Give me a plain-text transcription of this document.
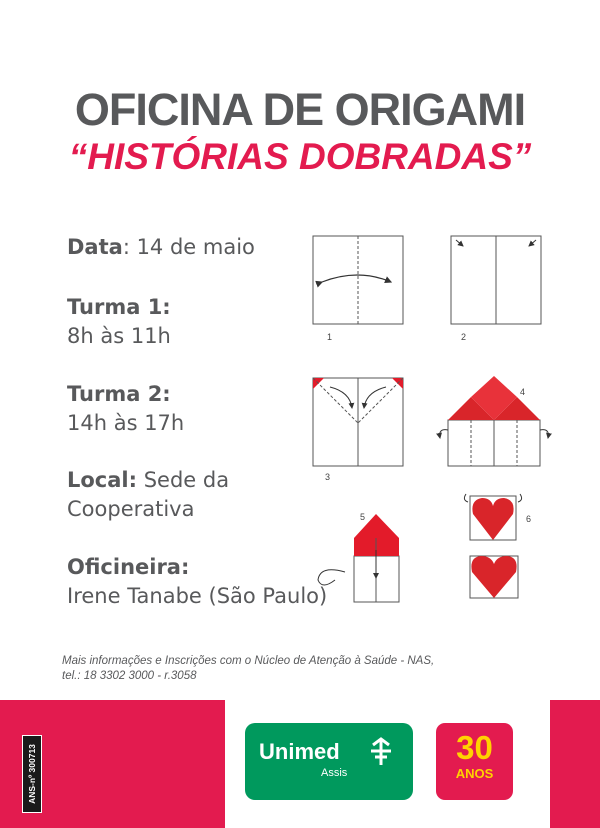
OFICINA DE ORIGAMI
“HISTÓRIAS DOBRADAS”
Data: 14 de maio
Turma 1:
8h às 11h
Turma 2:
14h às 17h
Local: Sede da
Cooperativa
Oficineira:
Irene Tanabe (São Paulo)
1	2
3
4
5	6
Mais informações e Inscrições com o Núcleo de Atenção à Saúde - NAS,
tel.: 18 3302 3000 - r.3058
ANS-nº 300713	Unimed
Assis
30
ANOS
